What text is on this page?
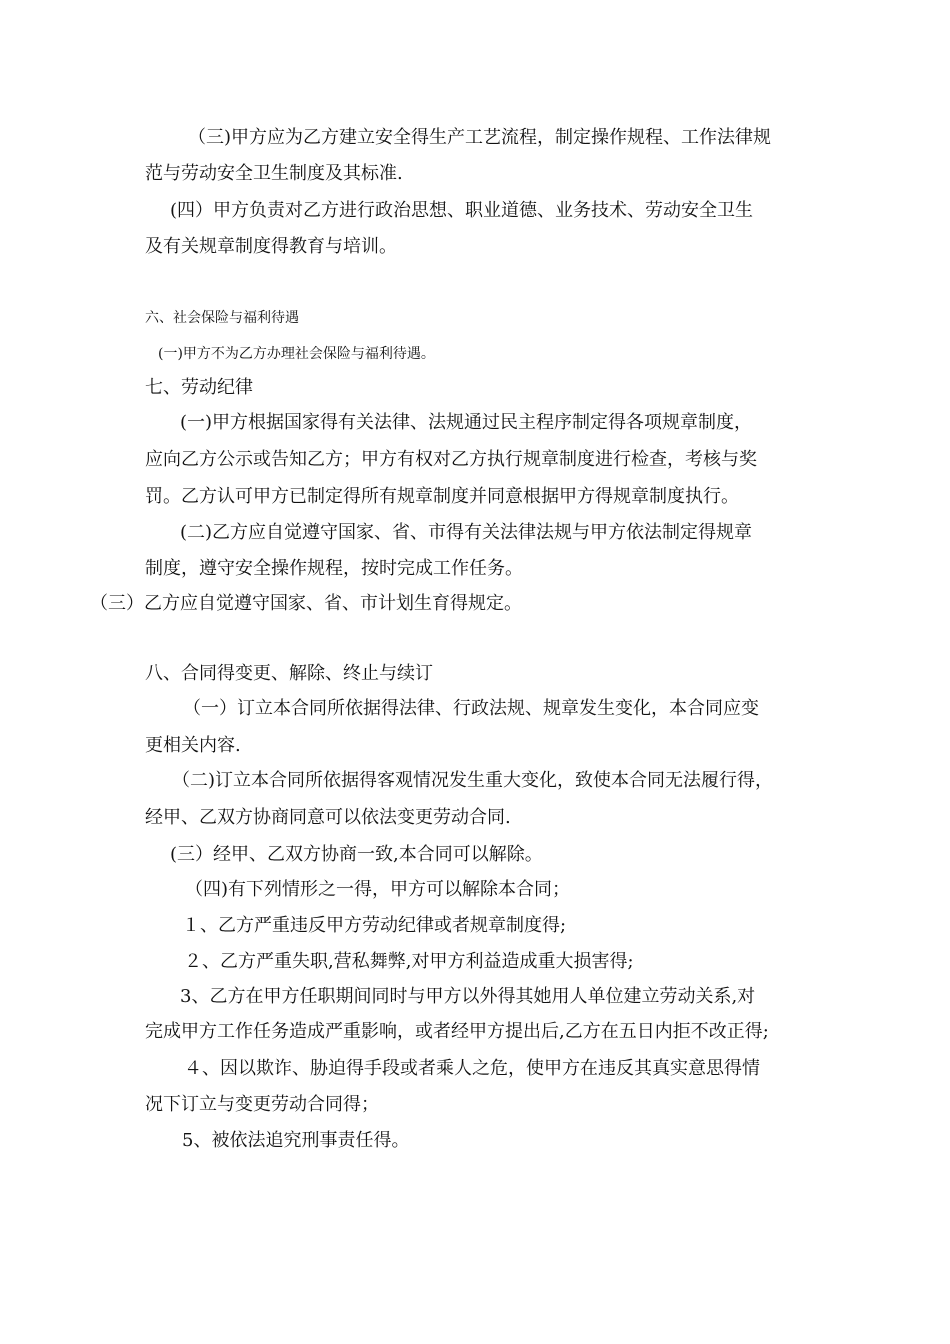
（三)甲方应为乙方建立安全得生产工艺流程，制定操作规程、工作法律规
范与劳动安全卫生制度及其标准.
(四）甲方负责对乙方进行政治思想、职业道德、业务技术、劳动安全卫生
及有关规章制度得教育与培训。
六、社会保险与福利待遇
(一)甲方不为乙方办理社会保险与福利待遇。
七、劳动纪律
(一)甲方根据国家得有关法律、法规通过民主程序制定得各项规章制度，
应向乙方公示或告知乙方；甲方有权对乙方执行规章制度进行检查，考核与奖
罚。乙方认可甲方已制定得所有规章制度并同意根据甲方得规章制度执行。
(二)乙方应自觉遵守国家、省、市得有关法律法规与甲方依法制定得规章
制度，遵守安全操作规程，按时完成工作任务。
（三）乙方应自觉遵守国家、省、市计划生育得规定。
八、合同得变更、解除、终止与续订
（一）订立本合同所依据得法律、行政法规、规章发生变化，本合同应变
更相关内容.
（二)订立本合同所依据得客观情况发生重大变化，致使本合同无法履行得，
经甲、乙双方协商同意可以依法变更劳动合同.
(三）经甲、乙双方协商一致,本合同可以解除。
（四)有下列情形之一得，甲方可以解除本合同；
１、乙方严重违反甲方劳动纪律或者规章制度得;
２、乙方严重失职,营私舞弊,对甲方利益造成重大损害得;
3、乙方在甲方任职期间同时与甲方以外得其她用人单位建立劳动关系,对
完成甲方工作任务造成严重影响，或者经甲方提出后,乙方在五日内拒不改正得;
４、因以欺诈、胁迫得手段或者乘人之危，使甲方在违反其真实意思得情
况下订立与变更劳动合同得；
5、被依法追究刑事责任得。
